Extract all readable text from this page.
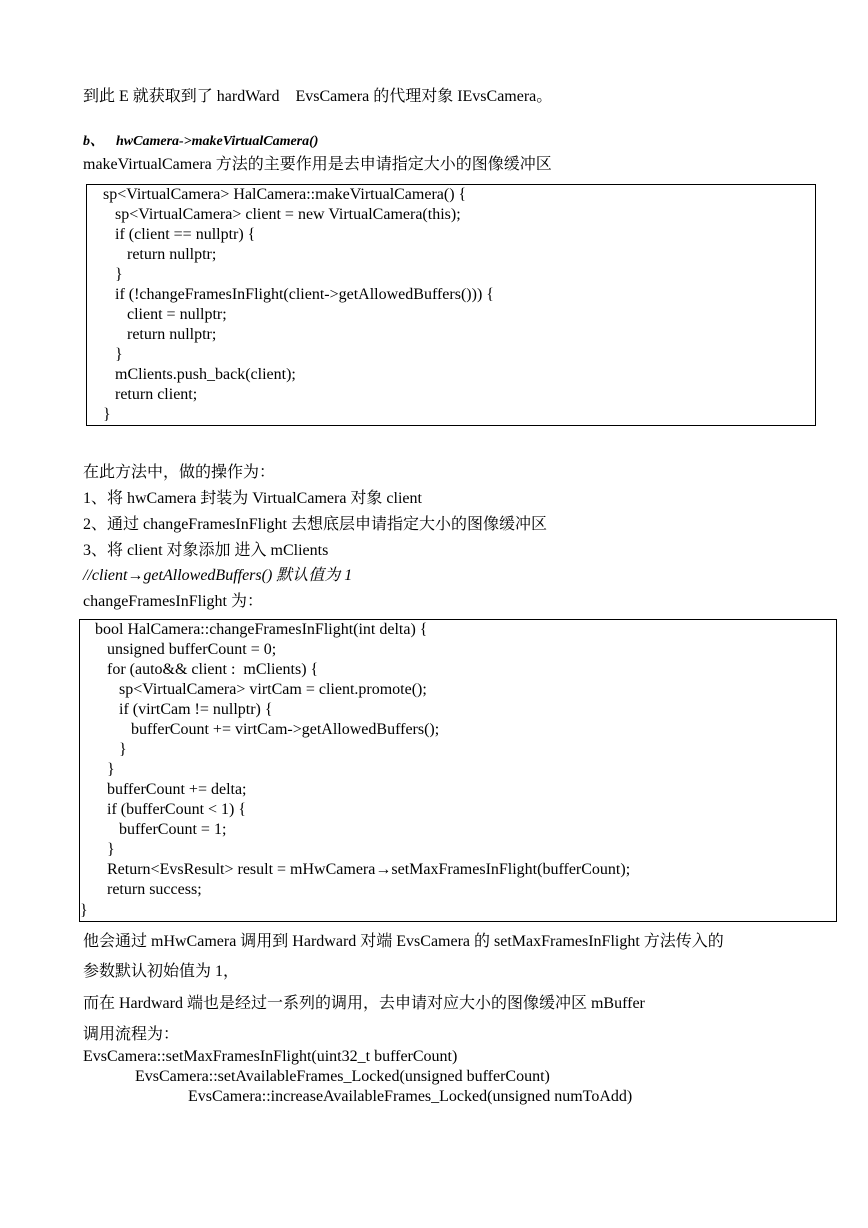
到此 E 就获取到了 hardWard    EvsCamera 的代理对象 IEvsCamera。
b、 hwCamera->makeVirtualCamera()
makeVirtualCamera 方法的主要作用是去申请指定大小的图像缓冲区
sp<VirtualCamera> HalCamera::makeVirtualCamera() {
sp<VirtualCamera> client = new VirtualCamera(this);
if (client == nullptr) {
return nullptr;
}
if (!changeFramesInFlight(client->getAllowedBuffers())) {
client = nullptr;
return nullptr;
}
mClients.push_back(client);
return client;
}
在此方法中，做的操作为：
1、将 hwCamera 封装为 VirtualCamera 对象 client
2、通过 changeFramesInFlight 去想底层申请指定大小的图像缓冲区
3、将 client 对象添加 进入 mClients
//client→getAllowedBuffers() 默认值为 1
changeFramesInFlight 为：
bool HalCamera::changeFramesInFlight(int delta) {
unsigned bufferCount = 0;
for (auto&& client :  mClients) {
sp<VirtualCamera> virtCam = client.promote();
if (virtCam != nullptr) {
bufferCount += virtCam->getAllowedBuffers();
}
}
bufferCount += delta;
if (bufferCount < 1) {
bufferCount = 1;
}
Return<EvsResult> result = mHwCamera→setMaxFramesInFlight(bufferCount);
return success;
}
他会通过 mHwCamera 调用到 Hardward 对端 EvsCamera 的 setMaxFramesInFlight 方法传入的
参数默认初始值为 1，
而在 Hardward 端也是经过一系列的调用，去申请对应大小的图像缓冲区 mBuffer
调用流程为：
EvsCamera::setMaxFramesInFlight(uint32_t bufferCount)
EvsCamera::setAvailableFrames_Locked(unsigned bufferCount)
EvsCamera::increaseAvailableFrames_Locked(unsigned numToAdd)
